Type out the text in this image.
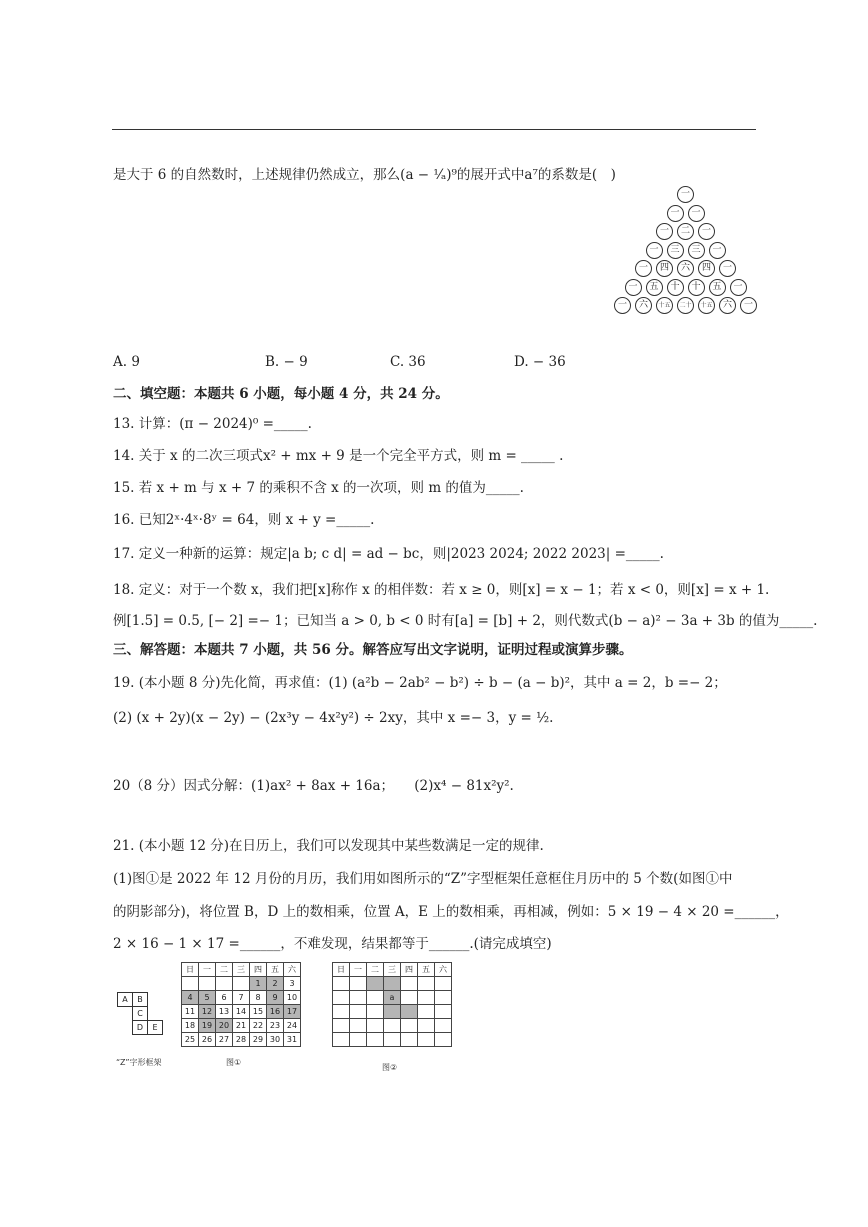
是大于 6 的自然数时，上述规律仍然成立，那么(a − ¹⁄ₐ)⁹的展开式中a⁷的系数是(　)
一
一	一
一	二	一
一	三	三	一
一	四	六	四	一
一	五	十	十	五	一
一	六	十五	二十	十五	六	一
A. 9	B. − 9	C. 36	D. − 36
二、填空题：本题共 6 小题，每小题 4 分，共 24 分。
13. 计算：(π − 2024)⁰ =_____.
14. 关于 x 的二次三项式x² + mx + 9 是一个完全平方式，则 m = _____ .
15. 若 x + m 与 x + 7 的乘积不含 x 的一次项，则 m 的值为_____.
16. 已知2ˣ·4ˣ·8ʸ = 64，则 x + y =_____.
17. 定义一种新的运算：规定|a b; c d| = ad − bc，则|2023 2024; 2022 2023| =_____.
18. 定义：对于一个数 x，我们把[x]称作 x 的相伴数：若 x ≥ 0，则[x] = x − 1；若 x < 0，则[x] = x + 1.
例[1.5] = 0.5, [− 2] =− 1；已知当 a > 0, b < 0 时有[a] = [b] + 2，则代数式(b − a)² − 3a + 3b 的值为_____.
三、解答题：本题共 7 小题，共 56 分。解答应写出文字说明，证明过程或演算步骤。
19. (本小题 8 分)先化简，再求值：(1) (a²b − 2ab² − b²) ÷ b − (a − b)²，其中 a = 2，b =− 2；
(2) (x + 2y)(x − 2y) − (2x³y − 4x²y²) ÷ 2xy，其中 x =− 3，y = ½.
20（8 分）因式分解：(1)ax² + 8ax + 16a；　　(2)x⁴ − 81x²y².
21. (本小题 12 分)在日历上，我们可以发现其中某些数满足一定的规律.
(1)图①是 2022 年 12 月份的月历，我们用如图所示的“Z”字型框架任意框住月历中的 5 个数(如图①中
的阴影部分)，将位置 B，D 上的数相乘，位置 A，E 上的数相乘，再相减，例如：5 × 19 − 4 × 20 =______，
2 × 16 − 1 × 17 =______，不难发现，结果都等于______.(请完成填空)
A	B
C
D	E
“Z”字形框架
日	一	二	三	四	五	六
				1	2	3
4	5	6	7	8	9	10
11	12	13	14	15	16	17
18	19	20	21	22	23	24
25	26	27	28	29	30	31
图①
日	一	二	三	四	五	六

			a			

图②
